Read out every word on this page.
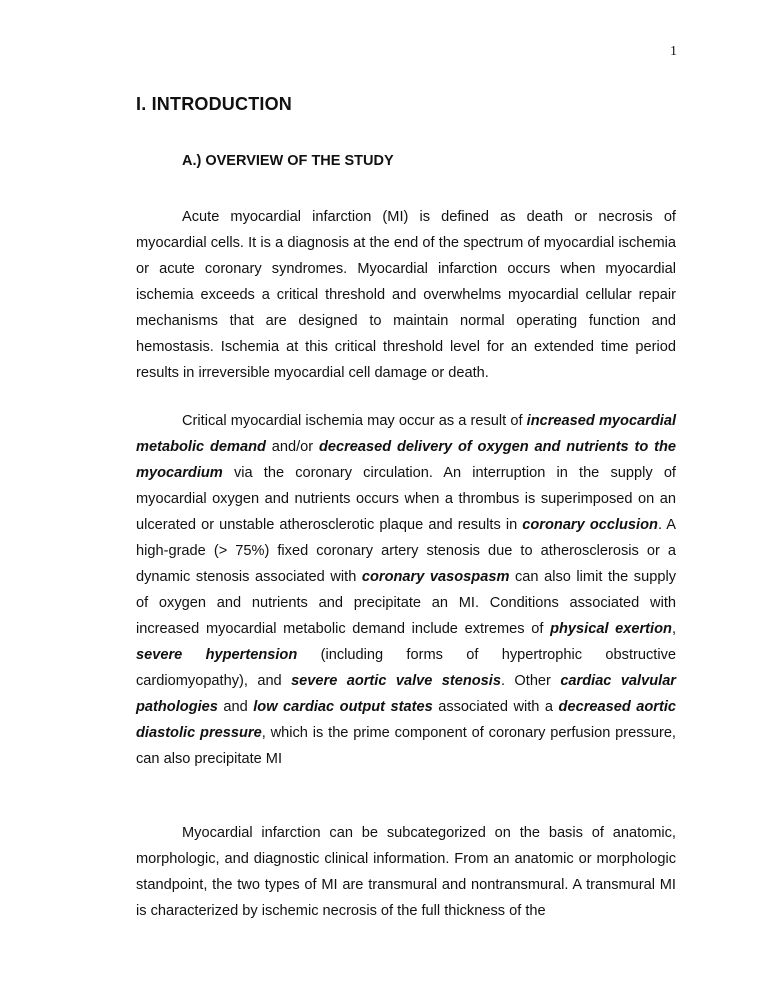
1
I. INTRODUCTION
A.) OVERVIEW OF THE STUDY

Acute myocardial infarction (MI) is defined as death or necrosis of myocardial cells. It is a diagnosis at the end of the spectrum of myocardial ischemia or acute coronary syndromes. Myocardial infarction occurs when myocardial ischemia exceeds a critical threshold and overwhelms myocardial cellular repair mechanisms that are designed to maintain normal operating function and hemostasis. Ischemia at this critical threshold level for an extended time period results in irreversible myocardial cell damage or death.

Critical myocardial ischemia may occur as a result of increased myocardial metabolic demand and/or decreased delivery of oxygen and nutrients to the myocardium via the coronary circulation. An interruption in the supply of myocardial oxygen and nutrients occurs when a thrombus is superimposed on an ulcerated or unstable atherosclerotic plaque and results in coronary occlusion. A high-grade (> 75%) fixed coronary artery stenosis due to atherosclerosis or a dynamic stenosis associated with coronary vasospasm can also limit the supply of oxygen and nutrients and precipitate an MI. Conditions associated with increased myocardial metabolic demand include extremes of physical exertion, severe hypertension (including forms of hypertrophic obstructive cardiomyopathy), and severe aortic valve stenosis. Other cardiac valvular pathologies and low cardiac output states associated with a decreased aortic diastolic pressure, which is the prime component of coronary perfusion pressure, can also precipitate MI

Myocardial infarction can be subcategorized on the basis of anatomic, morphologic, and diagnostic clinical information. From an anatomic or morphologic standpoint, the two types of MI are transmural and nontransmural. A transmural MI is characterized by ischemic necrosis of the full thickness of the
